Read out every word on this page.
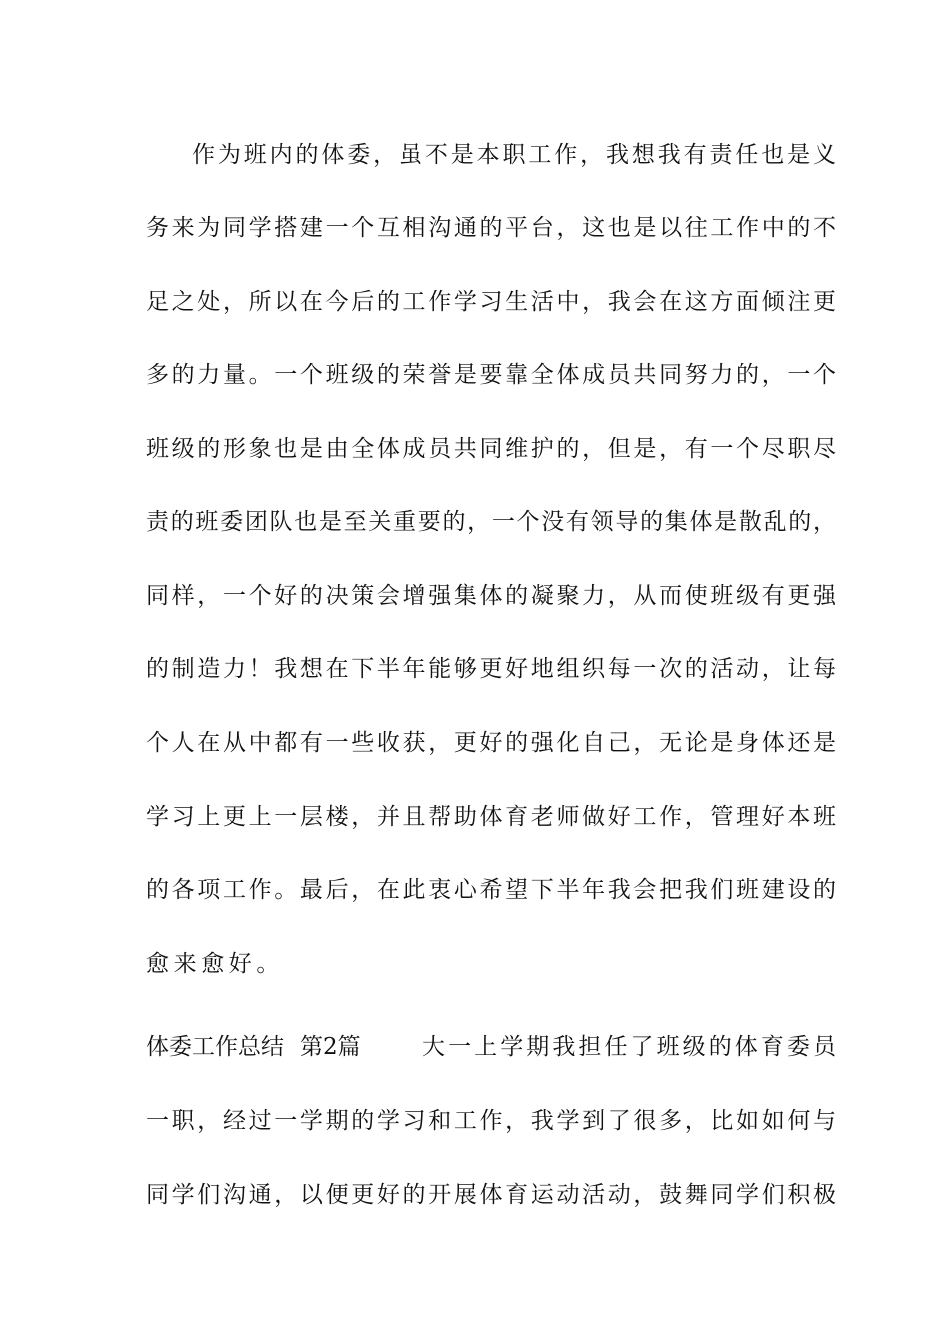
作为班内的体委，虽不是本职工作，我想我有责任也是义
务来为同学搭建一个互相沟通的平台，这也是以往工作中的不
足之处，所以在今后的工作学习生活中，我会在这方面倾注更
多的力量。一个班级的荣誉是要靠全体成员共同努力的，一个
班级的形象也是由全体成员共同维护的，但是，有一个尽职尽
责的班委团队也是至关重要的，一个没有领导的集体是散乱的，
同样，一个好的决策会增强集体的凝聚力，从而使班级有更强
的制造力！我想在下半年能够更好地组织每一次的活动，让每
个人在从中都有一些收获，更好的强化自己，无论是身体还是
学习上更上一层楼，并且帮助体育老师做好工作，管理好本班
的各项工作。最后，在此衷心希望下半年我会把我们班建设的
愈来愈好。
体委工作总结 第2篇	大一上学期我担任了班级的体育委员
一职，经过一学期的学习和工作，我学到了很多，比如如何与
同学们沟通，以便更好的开展体育运动活动，鼓舞同学们积极
